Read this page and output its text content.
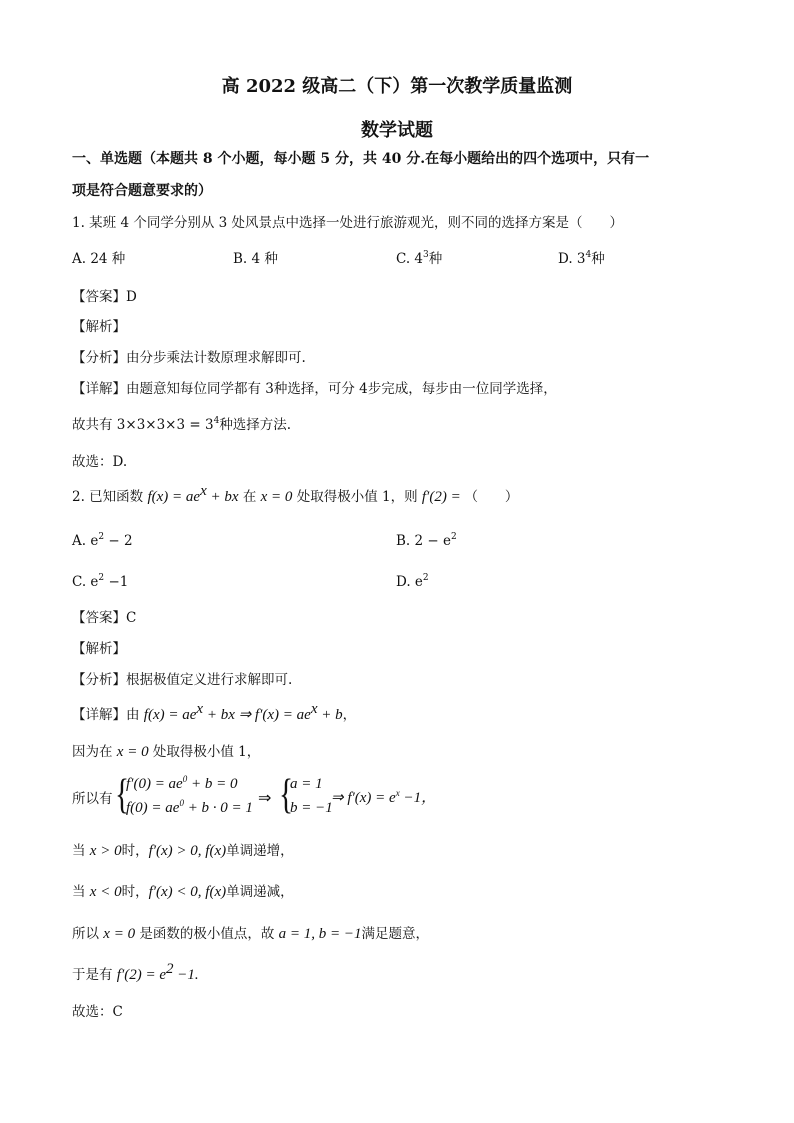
高 2022 级高二（下）第一次教学质量监测
数学试题
一、单选题（本题共 8 个小题，每小题 5 分，共 40 分.在每小题给出的四个选项中，只有一
项是符合题意要求的）
1. 某班 4 个同学分别从 3 处风景点中选择一处进行旅游观光，则不同的选择方案是（　　）
A. 24 种	B. 4 种	C. $4^3$种	D. $3^4$种
【答案】D
【解析】
【分析】由分步乘法计数原理求解即可.
【详解】由题意知每位同学都有 3种选择，可分 4步完成，每步由一位同学选择，
故共有 $3\times 3\times 3\times 3 = 3^4$种选择方法.
故选：D.
2. 已知函数 $f(x) = ae^x$ + bx 在 x = 0 处取得极小值 1，则 f′(2) = （　　）
A. $e^2 - 2$	B. $2 - e^2$
C. $e^2 -1$	D. $e^2$
【答案】C
【解析】
【分析】根据极值定义进行求解即可.
【详解】由 $f(x) = ae^x$ + bx ⇒ $f'(x) = ae^x + b$，
因为在 x = 0 处取得极小值 1，
所以有 {
$f'(0) = ae^0 + b = 0$
$f(0) = ae^0 + b \cdot 0 = 1$
⇒ {
a = 1
b = −1
⇒ $f'(x) = e^x -1$，
当 x > 0时，f′(x) > 0, f(x)单调递增，
当 x < 0时，f′(x) < 0, f(x)单调递减，
所以 x = 0 是函数的极小值点，故 a = 1, b = −1满足题意，
于是有 $f'(2) = e^2 -1$.
故选：C
